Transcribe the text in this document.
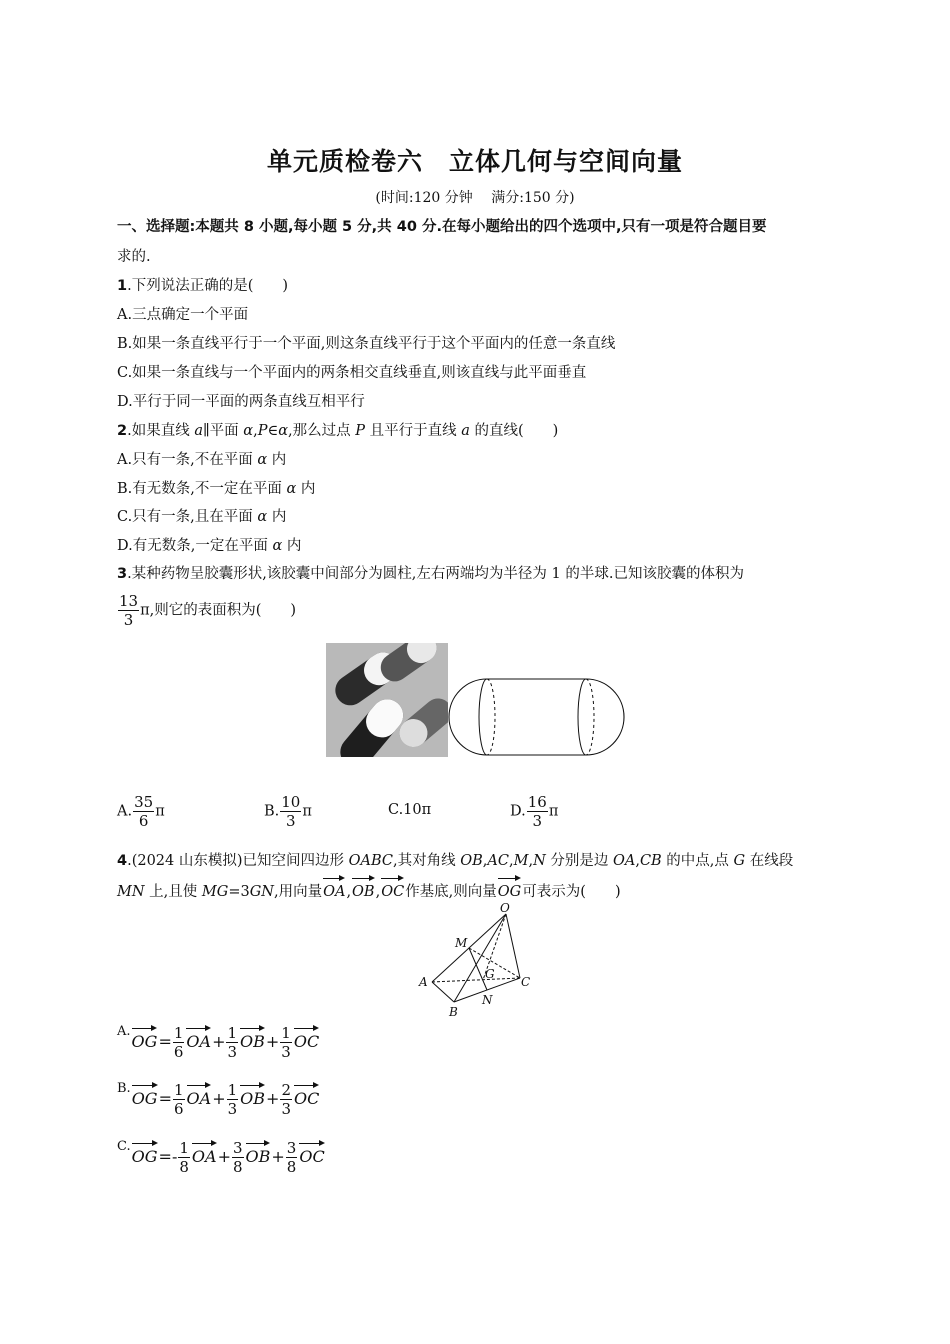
单元质检卷六　立体几何与空间向量
(时间:120 分钟　 满分:150 分)
一、选择题:本题共 8 小题,每小题 5 分,共 40 分.在每小题给出的四个选项中,只有一项是符合题目要
求的.
1.下列说法正确的是(　　)
A.三点确定一个平面
B.如果一条直线平行于一个平面,则这条直线平行于这个平面内的任意一条直线
C.如果一条直线与一个平面内的两条相交直线垂直,则该直线与此平面垂直
D.平行于同一平面的两条直线互相平行
2.如果直线 a∥平面 α,P∈α,那么过点 P 且平行于直线 a 的直线(　　)
A.只有一条,不在平面 α 内
B.有无数条,不一定在平面 α 内
C.只有一条,且在平面 α 内
D.有无数条,一定在平面 α 内
3.某种药物呈胶囊形状,该胶囊中间部分为圆柱,左右两端均为半径为 1 的半球.已知该胶囊的体积为
$\frac{13}{3} \pi$,则它的表面积为(　　)
A. $\frac{35}{6}$ π	B. $\frac{10}{3}$ π	C.10π	D. $\frac{16}{3}$ π
4.(2024 山东模拟)已知空间四边形 OABC,其对角线 OB,AC,M,N 分别是边 OA,CB 的中点,点 G 在线段
MN 上,且使 MG=3GN,用向量OA,OB,OC作基底,则向量OG可表示为(　　)
O
M
G
A	C
N
B
$^{A.}OG= \frac{1}{6} OA+ \frac{1}{3} OB+ \frac{1}{3}$ OC
$^{B.}OG= \frac{1}{6} OA+ \frac{1}{3} OB+ \frac{2}{3}$ OC
$^{C.}OG=- \frac{1}{8} OA+ \frac{3}{8} OB+ \frac{3}{8}$ OC
